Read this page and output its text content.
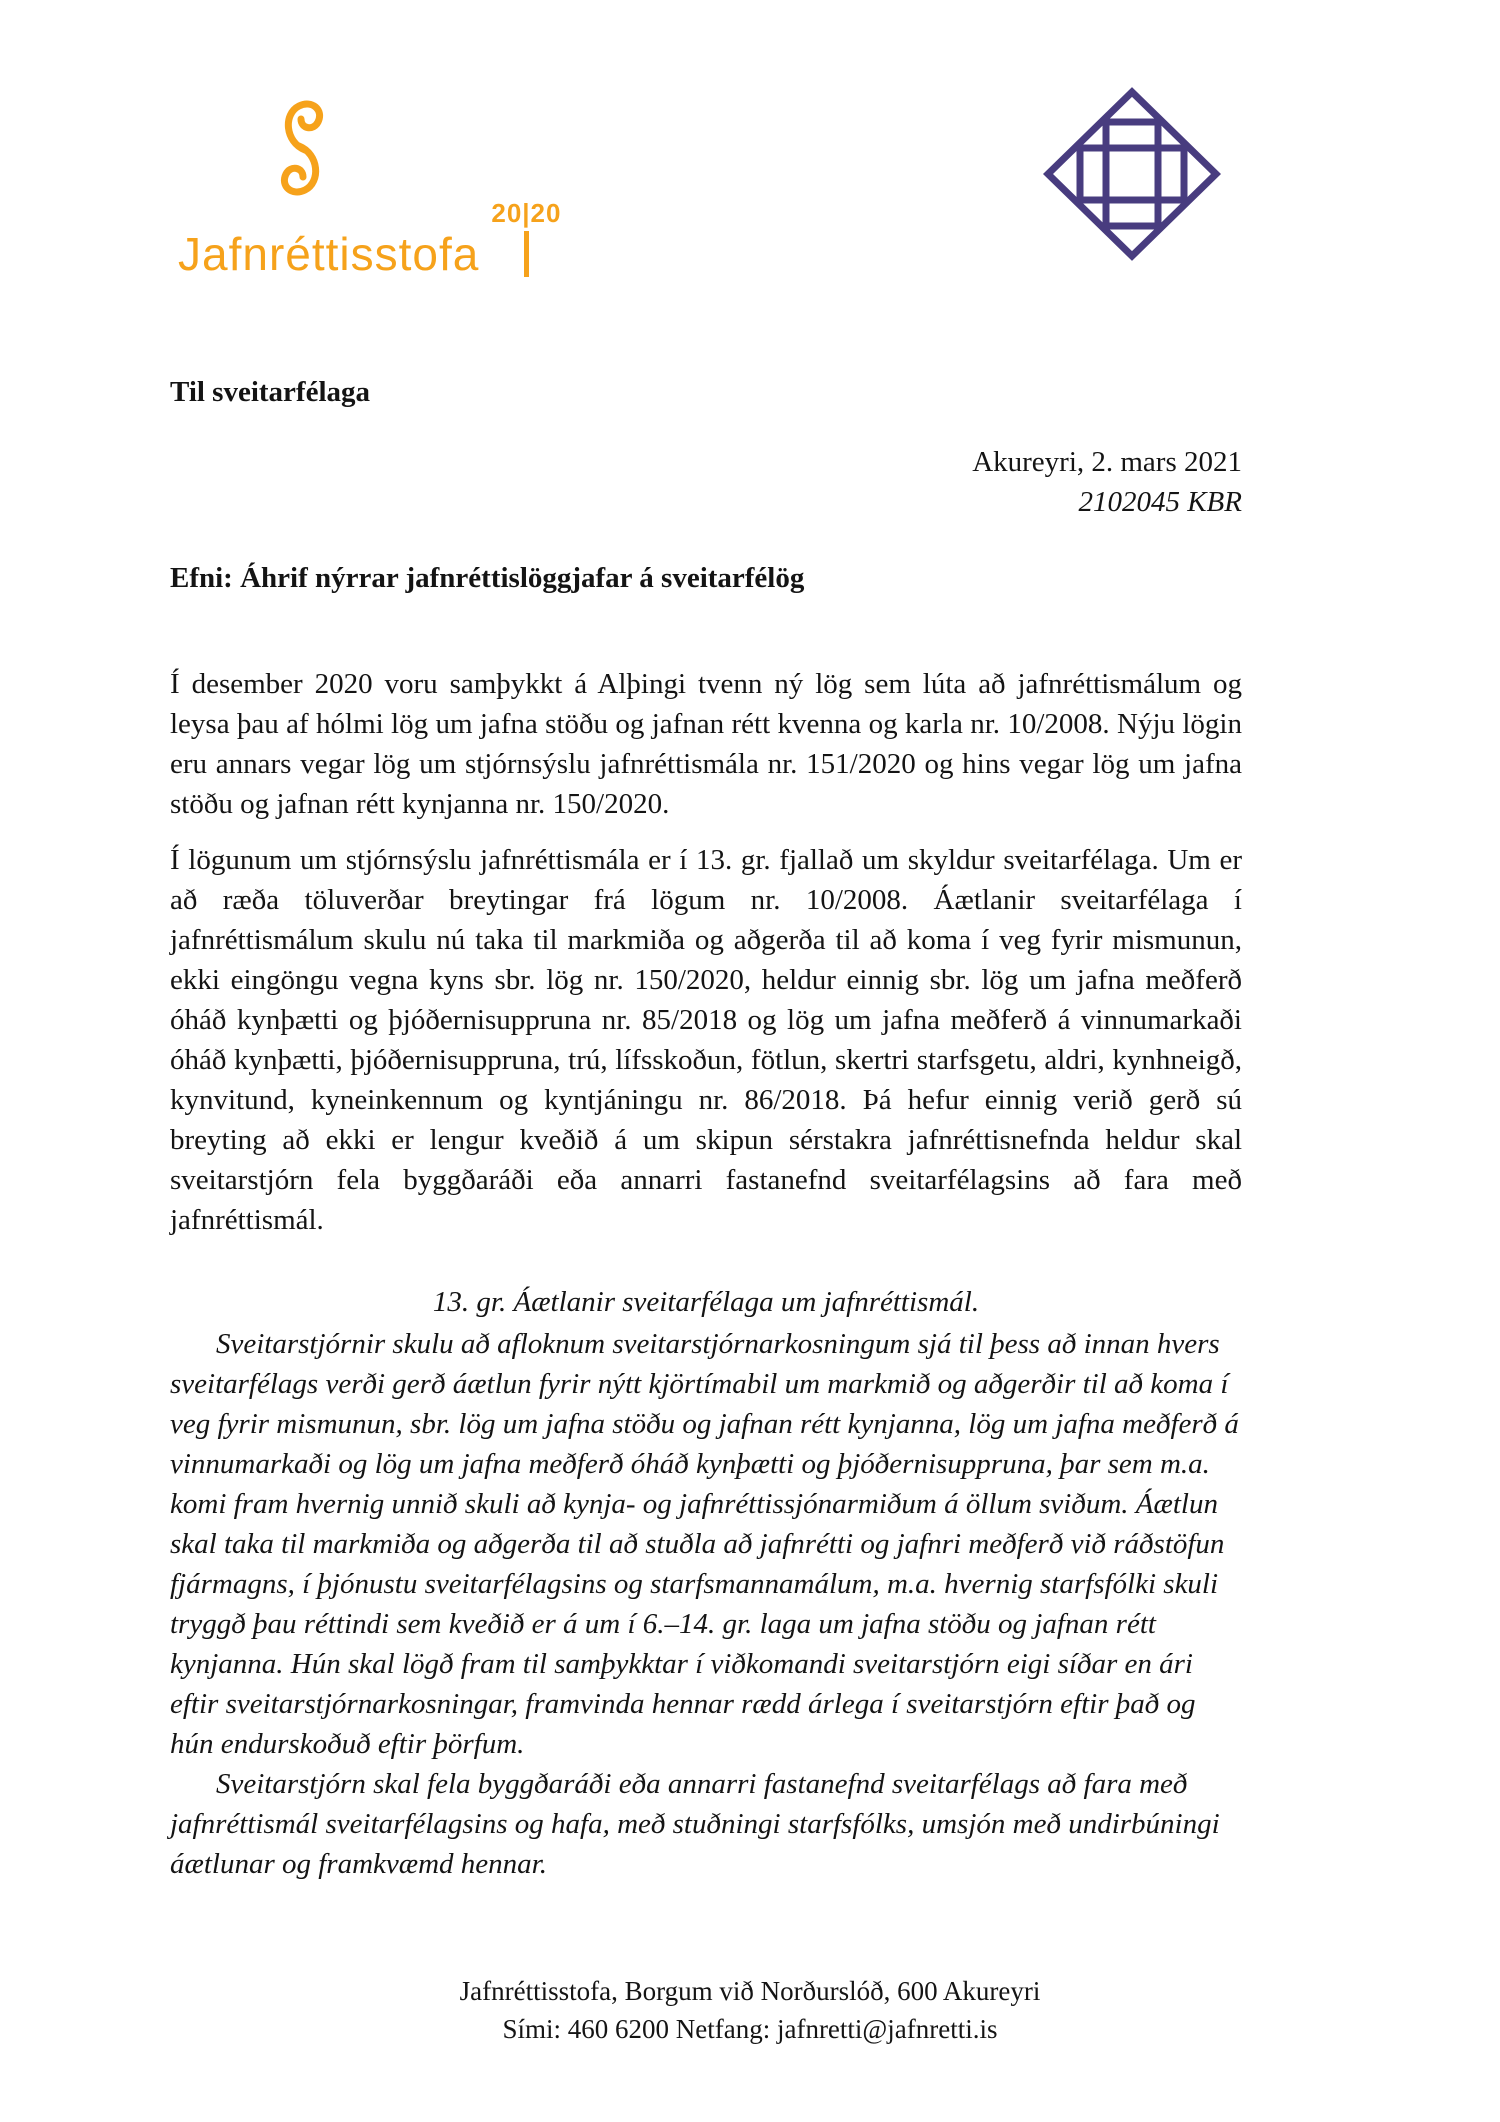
Jafnréttisstofa
20|20

Til sveitarfélaga

Akureyri, 2. mars 2021
2102045 KBR

Efni: Áhrif nýrrar jafnréttislöggjafar á sveitarfélög

Í desember 2020 voru samþykkt á Alþingi tvenn ný lög sem lúta að jafnréttismálum og leysa þau af hólmi lög um jafna stöðu og jafnan rétt kvenna og karla nr. 10/2008. Nýju lögin eru annars vegar lög um stjórnsýslu jafnréttismála nr. 151/2020 og hins vegar lög um jafna stöðu og jafnan rétt kynjanna nr. 150/2020.

Í lögunum um stjórnsýslu jafnréttismála er í 13. gr. fjallað um skyldur sveitarfélaga. Um er að ræða töluverðar breytingar frá lögum nr. 10/2008. Áætlanir sveitarfélaga í jafnréttismálum skulu nú taka til markmiða og aðgerða til að koma í veg fyrir mismunun, ekki eingöngu vegna kyns sbr. lög nr. 150/2020, heldur einnig sbr. lög um jafna meðferð óháð kynþætti og þjóðernisuppruna nr. 85/2018 og lög um jafna meðferð á vinnumarkaði óháð kynþætti, þjóðernisuppruna, trú, lífsskoðun, fötlun, skertri starfsgetu, aldri, kynhneigð, kynvitund, kyneinkennum og kyntjáningu nr. 86/2018. Þá hefur einnig verið gerð sú breyting að ekki er lengur kveðið á um skipun sérstakra jafnréttisnefnda heldur skal sveitarstjórn fela byggðaráði eða annarri fastanefnd sveitarfélagsins að fara með jafnréttismál.

13. gr. Áætlanir sveitarfélaga um jafnréttismál.

Sveitarstjórnir skulu að afloknum sveitarstjórnarkosningum sjá til þess að innan hvers sveitarfélags verði gerð áætlun fyrir nýtt kjörtímabil um markmið og aðgerðir til að koma í veg fyrir mismunun, sbr. lög um jafna stöðu og jafnan rétt kynjanna, lög um jafna meðferð á vinnumarkaði og lög um jafna meðferð óháð kynþætti og þjóðernisuppruna, þar sem m.a. komi fram hvernig unnið skuli að kynja- og jafnréttissjónarmiðum á öllum sviðum. Áætlun skal taka til markmiða og aðgerða til að stuðla að jafnrétti og jafnri meðferð við ráðstöfun fjármagns, í þjónustu sveitarfélagsins og starfsmannamálum, m.a. hvernig starfsfólki skuli tryggð þau réttindi sem kveðið er á um í 6.–14. gr. laga um jafna stöðu og jafnan rétt kynjanna. Hún skal lögð fram til samþykktar í viðkomandi sveitarstjórn eigi síðar en ári eftir sveitarstjórnarkosningar, framvinda hennar rædd árlega í sveitarstjórn eftir það og hún endurskoðuð eftir þörfum.

Sveitarstjórn skal fela byggðaráði eða annarri fastanefnd sveitarfélags að fara með jafnréttismál sveitarfélagsins og hafa, með stuðningi starfsfólks, umsjón með undirbúningi áætlunar og framkvæmd hennar.

Jafnréttisstofa, Borgum við Norðurslóð, 600 Akureyri
Sími: 460 6200 Netfang: jafnretti@jafnretti.is
